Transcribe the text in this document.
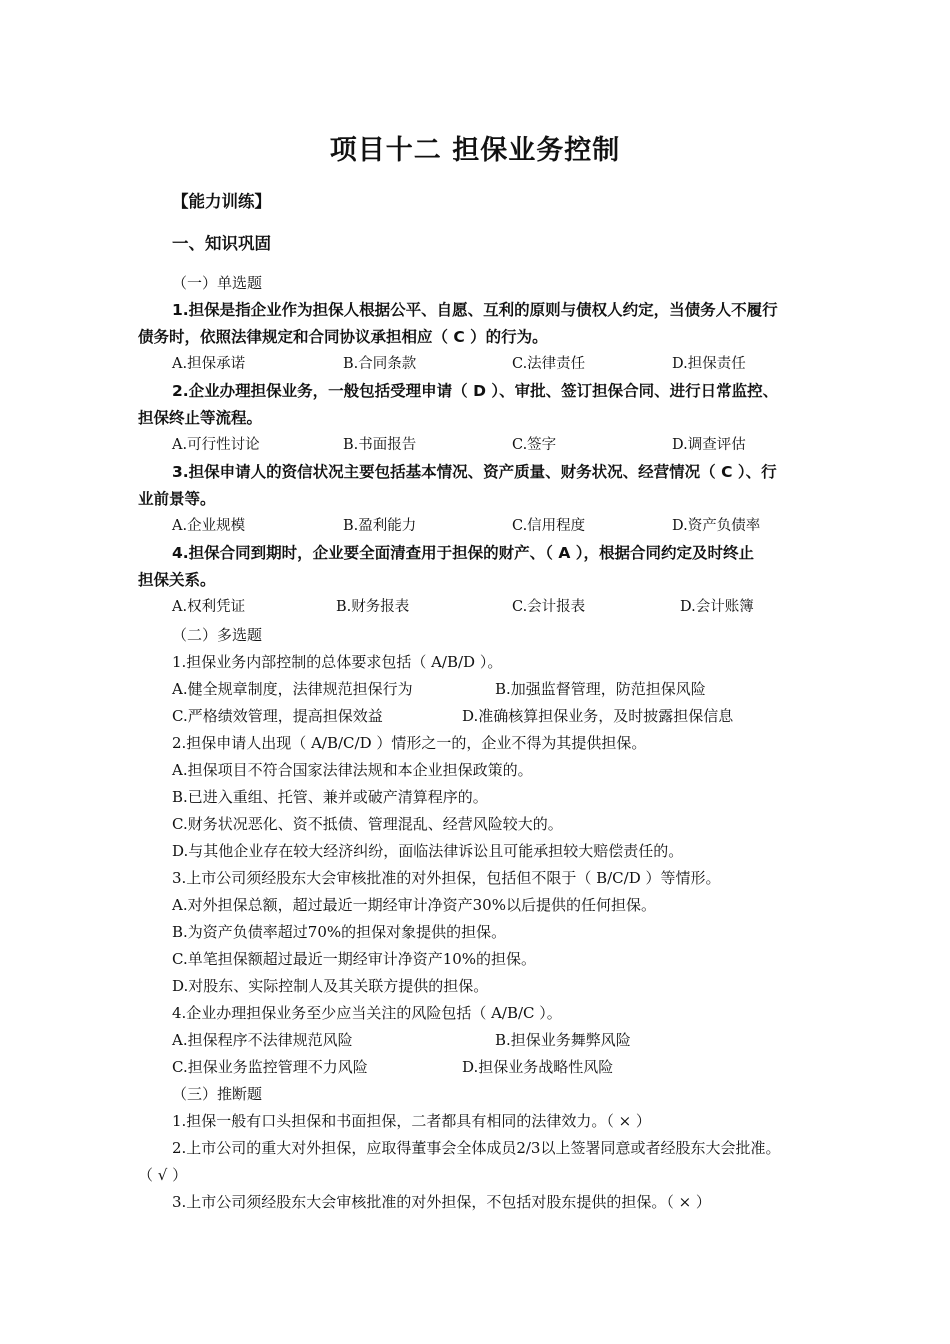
项目十二 担保业务控制
【能力训练】
一、知识巩固
（一）单选题
1.担保是指企业作为担保人根据公平、自愿、互利的原则与债权人约定，当债务人不履行
债务时，依照法律规定和合同协议承担相应（ C ）的行为。
A.担保承诺	B.合同条款	C.法律责任	D.担保责任
2.企业办理担保业务，一般包括受理申请（ D ）、审批、签订担保合同、进行日常监控、
担保终止等流程。
A.可行性讨论	B.书面报告	C.签字	D.调查评估
3.担保申请人的资信状况主要包括基本情况、资产质量、财务状况、经营情况（ C ）、行
业前景等。
A.企业规模	B.盈利能力	C.信用程度	D.资产负债率
4.担保合同到期时，企业要全面清查用于担保的财产、（ A ），根据合同约定及时终止
担保关系。
A.权利凭证	B.财务报表	C.会计报表	D.会计账簿
（二）多选题
1.担保业务内部控制的总体要求包括（ A/B/D ）。
A.健全规章制度，法律规范担保行为	B.加强监督管理，防范担保风险
C.严格绩效管理，提高担保效益	D.准确核算担保业务，及时披露担保信息
2.担保申请人出现（ A/B/C/D ）情形之一的，企业不得为其提供担保。
A.担保项目不符合国家法律法规和本企业担保政策的。
B.已进入重组、托管、兼并或破产清算程序的。
C.财务状况恶化、资不抵债、管理混乱、经营风险较大的。
D.与其他企业存在较大经济纠纷，面临法律诉讼且可能承担较大赔偿责任的。
3.上市公司须经股东大会审核批准的对外担保，包括但不限于（ B/C/D ）等情形。
A.对外担保总额，超过最近一期经审计净资产30%以后提供的任何担保。
B.为资产负债率超过70%的担保对象提供的担保。
C.单笔担保额超过最近一期经审计净资产10%的担保。
D.对股东、实际控制人及其关联方提供的担保。
4.企业办理担保业务至少应当关注的风险包括（ A/B/C ）。
A.担保程序不法律规范风险	B.担保业务舞弊风险
C.担保业务监控管理不力风险	D.担保业务战略性风险
（三）推断题
1.担保一般有口头担保和书面担保，二者都具有相同的法律效力。（ × ）
2.上市公司的重大对外担保，应取得董事会全体成员2/3以上签署同意或者经股东大会批准。
（ √ ）
3.上市公司须经股东大会审核批准的对外担保，不包括对股东提供的担保。（ × ）
